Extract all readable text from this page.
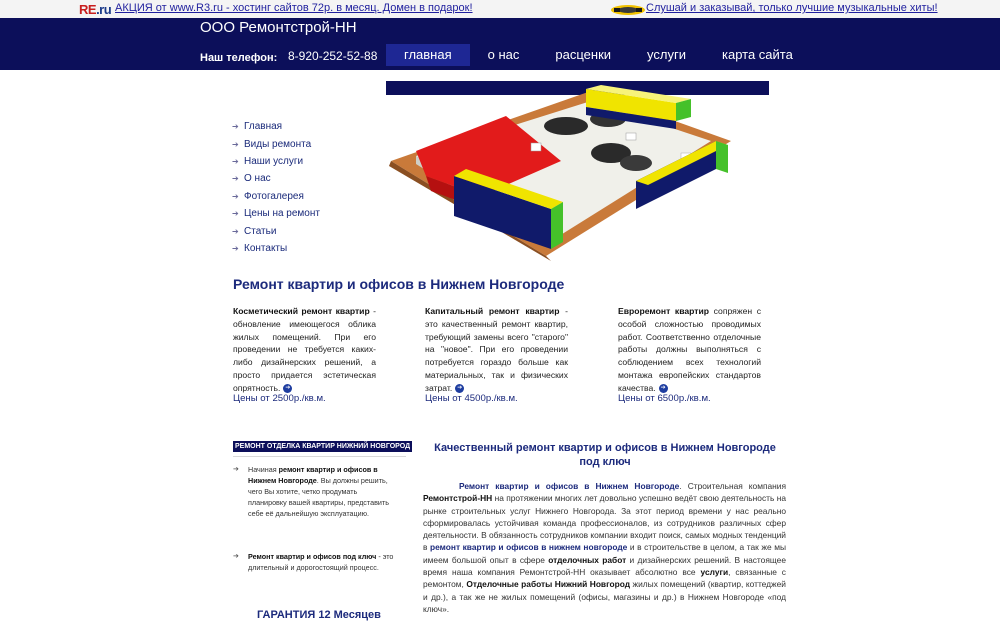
RE.ru АКЦИЯ от www.R3.ru - хостинг сайтов 72р. в месяц. Домен в подарок!	Слушай и заказывай, только лучшие музыкальные хиты!
ООО Ремонтстрой-НН
Наш телефон: 8-920-252-52-88	главная	о нас	расценки	услуги	карта сайта
➔ Главная
➔ Виды ремонта
➔ Наши услуги
➔ О нас
➔ Фотогалерея
➔ Цены на ремонт
➔ Статьи
➔ Контакты
Ремонт квартир и офисов в Нижнем Новгороде
Косметический ремонт квартир - обновление имеющегося облика жилых помещений. При его проведении не требуется каких-либо дизайнерских решений, а просто придается эстетическая опрятность. ➔
Цены от 2500р./кв.м.
Капитальный ремонт квартир - это качественный ремонт квартир, требующий замены всего "старого" на "новое". При его проведении потребуется гораздо больше как материальных, так и физических затрат. ➔
Цены от 4500р./кв.м.
Евроремонт квартир сопряжен с особой сложностью проводимых работ. Соответственно отделочные работы должны выполняться с соблюдением всех технологий монтажа европейских стандартов качества. ➔
Цены от 6500р./кв.м.
РЕМОНТ ОТДЕЛКА КВАРТИР НИЖНИЙ НОВГОРОД
➔ Начиная ремонт квартир и офисов в Нижнем Новгороде. Вы должны решить, чего Вы хотите, четко продумать планировку вашей квартиры, представить себе её дальнейшую эксплуатацию.
➔ Ремонт квартир и офисов под ключ - это длительный и дорогостоящий процесс.
ГАРАНТИЯ 12 Месяцев
Качественный ремонт квартир и офисов в Нижнем Новгороде под ключ
Ремонт квартир и офисов в Нижнем Новгороде. Строительная компания Ремонтстрой-НН на протяжении многих лет довольно успешно ведёт свою деятельность на рынке строительных услуг Нижнего Новгорода. За этот период времени у нас реально сформировалась устойчивая команда профессионалов, из сотрудников различных сфер деятельности. В обязанность сотрудников компании входит поиск, самых модных тенденций в ремонт квартир и офисов в нижнем новгороде и в строительстве в целом, а так же мы имеем большой опыт в сфере отделочных работ и дизайнерских решений. В настоящее время наша компания Ремонтстрой-НН оказывает абсолютно все услуги, связанные с ремонтом, Отделочные работы Нижний Новгород жилых помещений (квартир, коттеджей и др.), а так же не жилых помещений (офисы, магазины и др.) в Нижнем Новгороде «под ключ».
